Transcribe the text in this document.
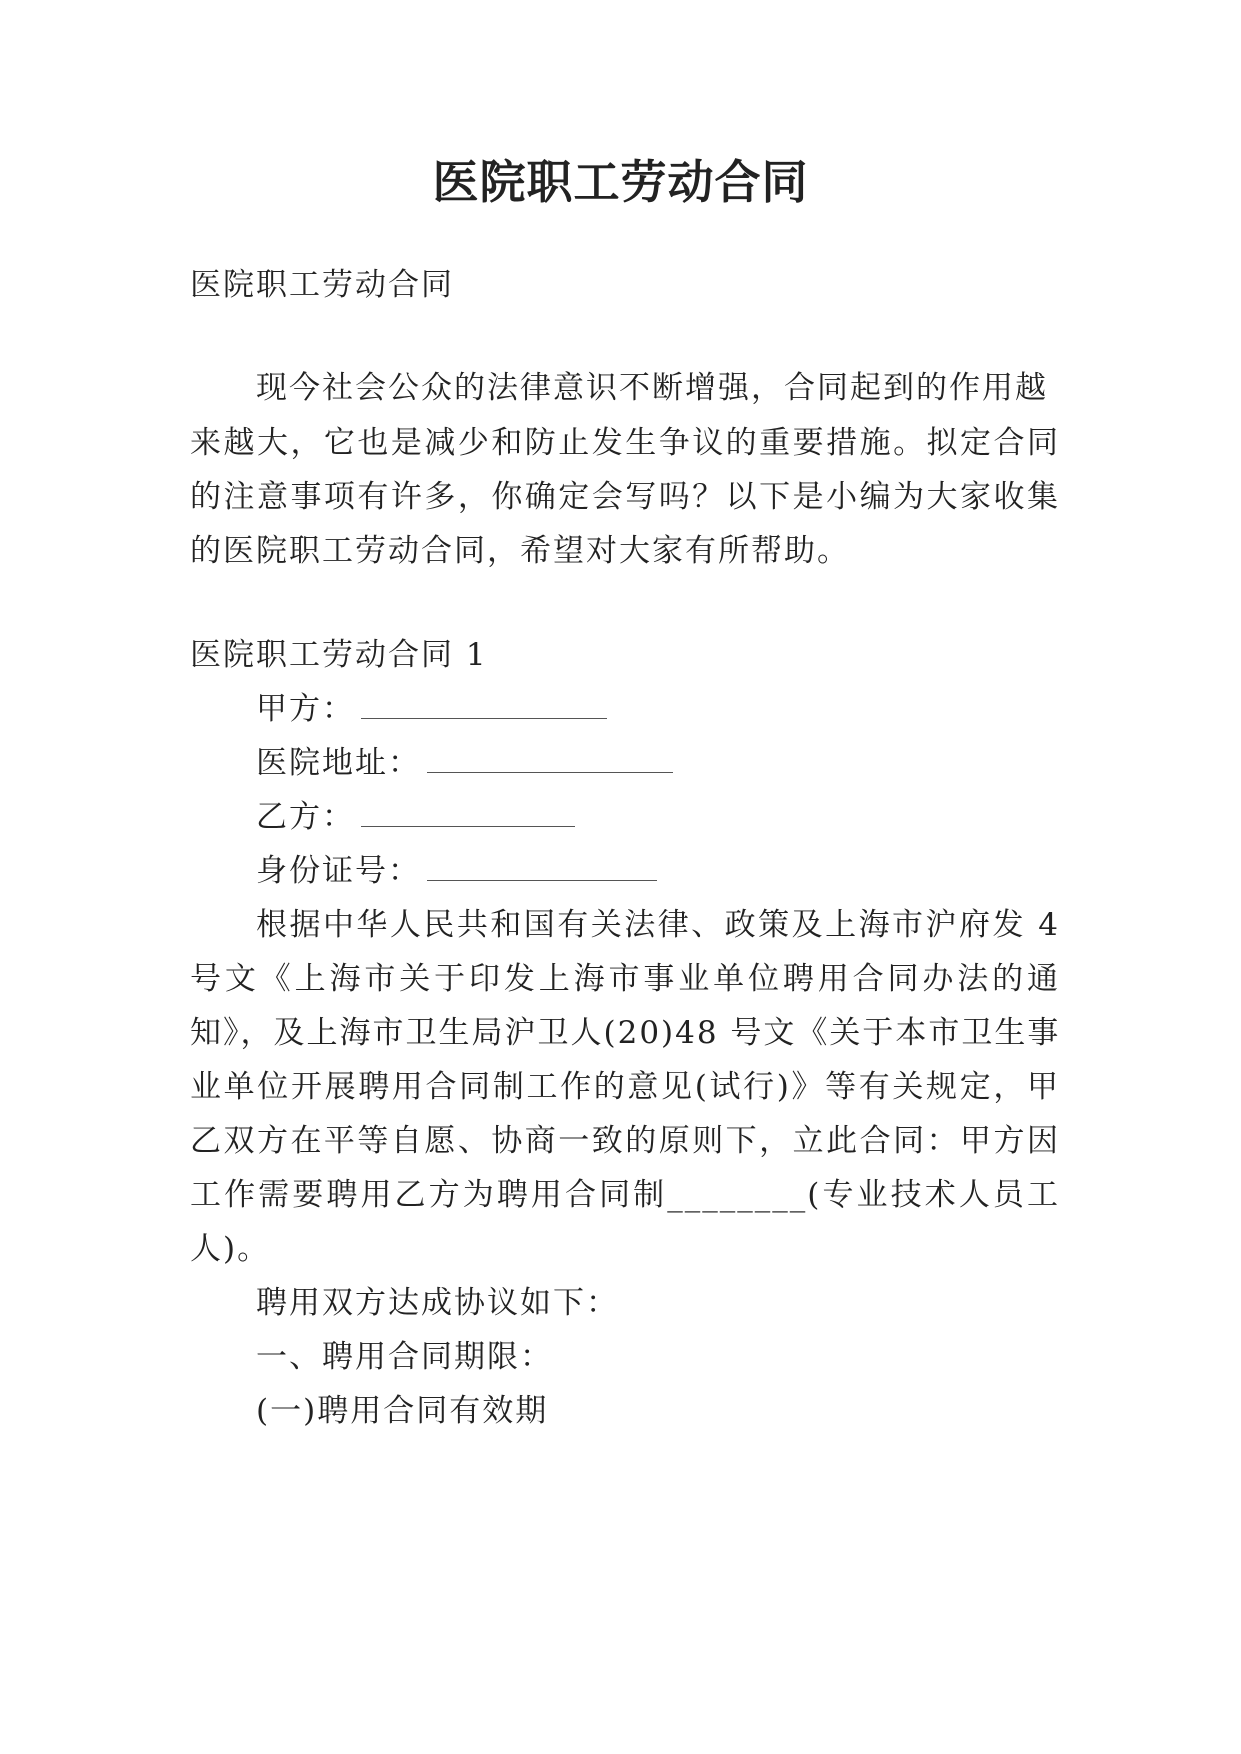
医院职工劳动合同
医院职工劳动合同
现今社会公众的法律意识不断增强，合同起到的作用越
来越大，它也是减少和防止发生争议的重要措施。拟定合同
的注意事项有许多，你确定会写吗？以下是小编为大家收集
的医院职工劳动合同，希望对大家有所帮助。
医院职工劳动合同 1
甲方：
医院地址：
乙方：
身份证号：
根据中华人民共和国有关法律、政策及上海市沪府发 4
号文《上海市关于印发上海市事业单位聘用合同办法的通
知》，及上海市卫生局沪卫人(20)48 号文《关于本市卫生事
业单位开展聘用合同制工作的意见(试行)》等有关规定，甲
乙双方在平等自愿、协商一致的原则下，立此合同：甲方因
工作需要聘用乙方为聘用合同制________(专业技术人员工
人)。
聘用双方达成协议如下：
一、聘用合同期限：
(一)聘用合同有效期
